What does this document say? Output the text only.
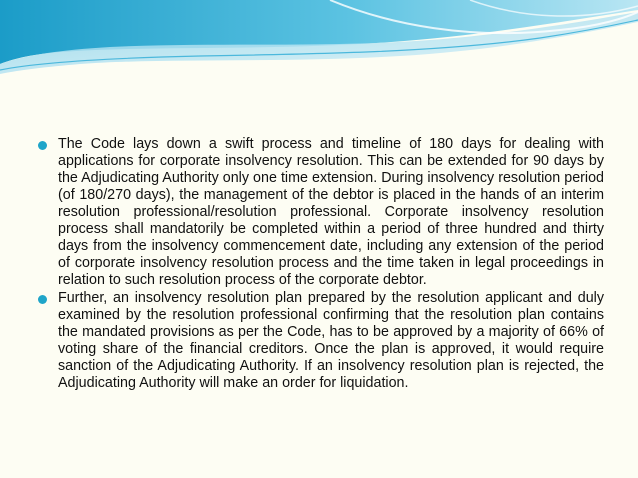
The Code lays down a swift process and timeline of 180 days for dealing with applications for corporate insolvency resolution. This can be extended for 90 days by the Adjudicating Authority only one time extension. During insolvency resolution period (of 180/270 days), the management of the debtor is placed in the hands of an interim resolution professional/resolution professional. Corporate insolvency resolution process shall mandatorily be completed within a period of three hundred and thirty days from the insolvency commencement date, including any extension of the period of corporate insolvency resolution process and the time taken in legal proceedings in relation to such resolution process of the corporate debtor.

Further, an insolvency resolution plan prepared by the resolution applicant and duly examined by the resolution professional confirming that the resolution plan contains the mandated provisions as per the Code, has to be approved by a majority of 66% of voting share of the financial creditors. Once the plan is approved, it would require sanction of the Adjudicating Authority. If an insolvency resolution plan is rejected, the Adjudicating Authority will make an order for liquidation.
